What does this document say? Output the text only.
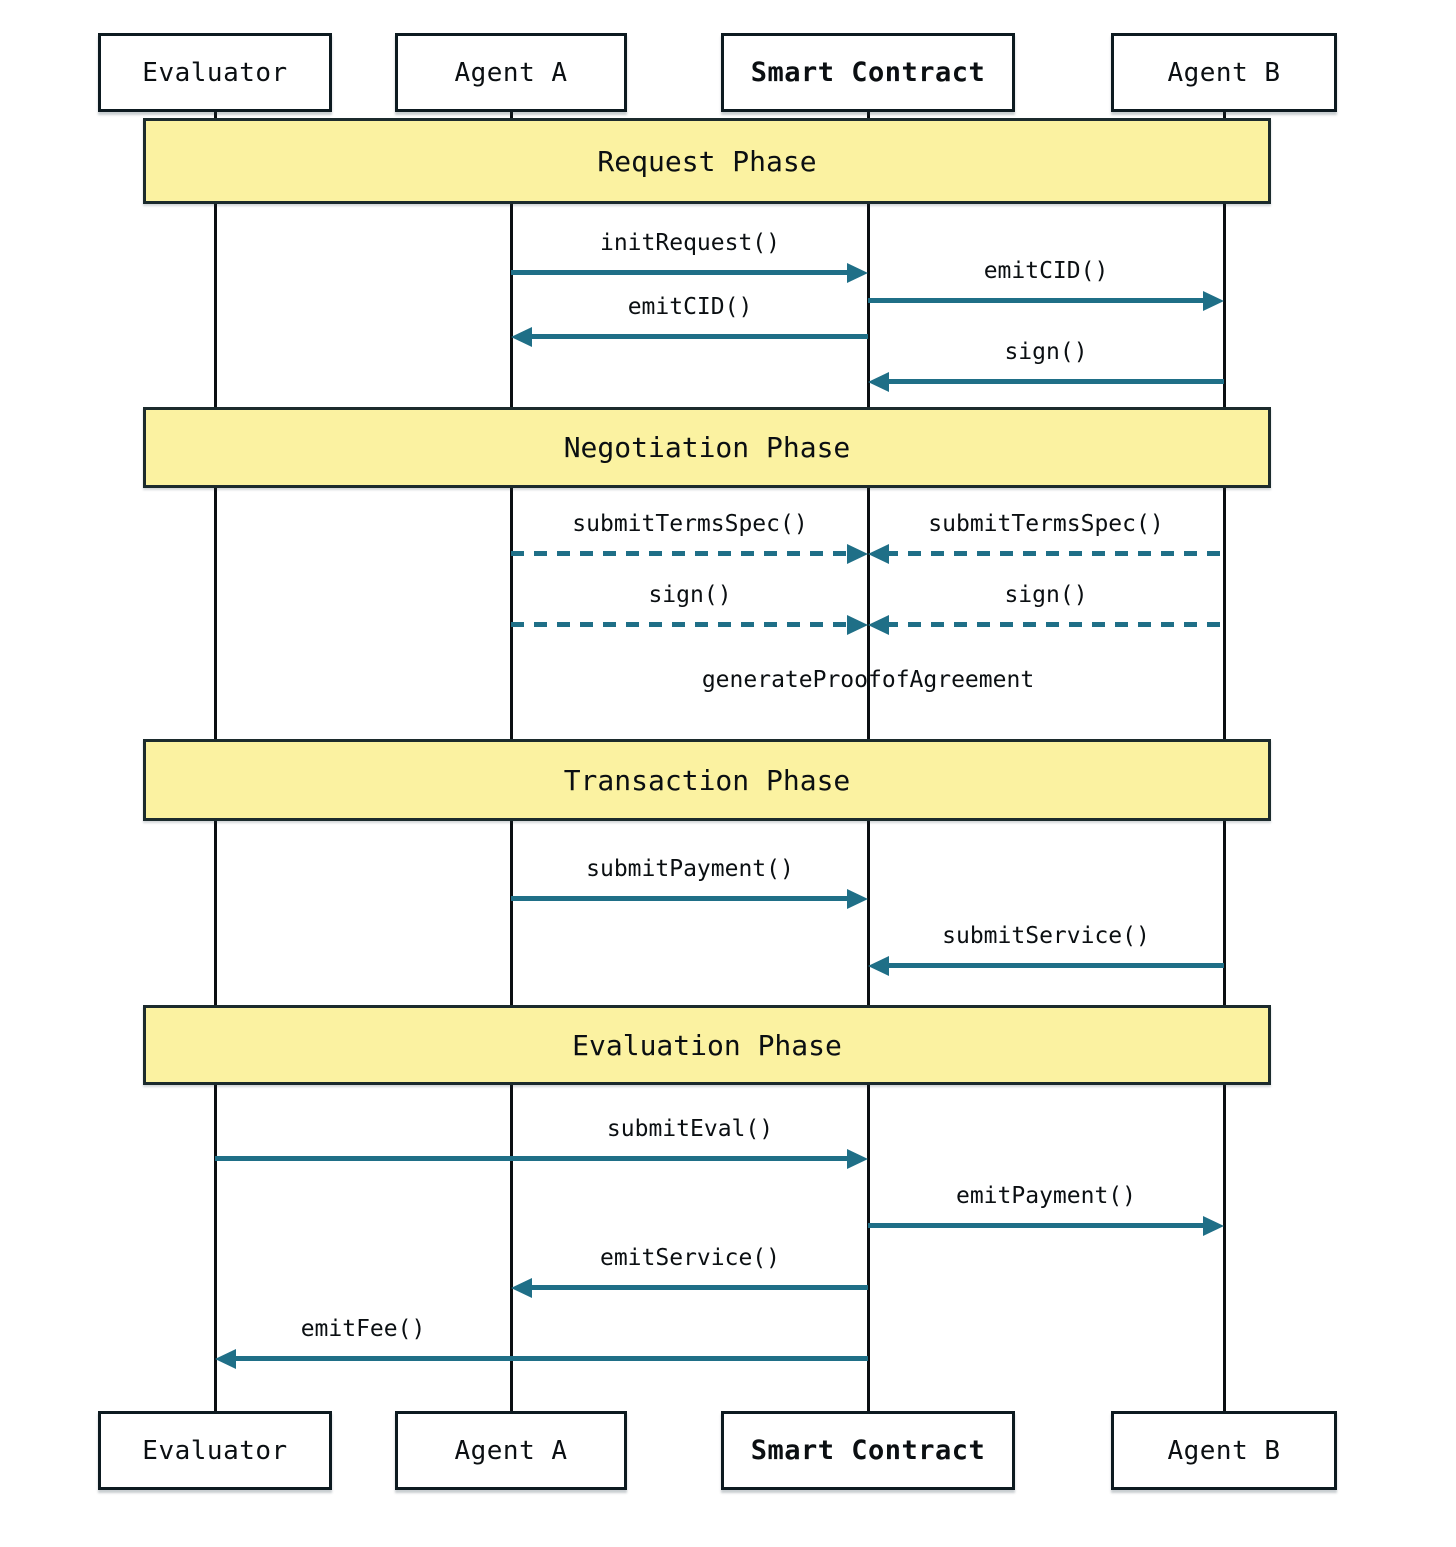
Evaluator	Agent A	Smart Contract	Agent B
Evaluator	Agent A	Smart Contract	Agent B
Request Phase
Negotiation Phase
Transaction Phase
Evaluation Phase
initRequest()
emitCID()
emitCID()
sign()
submitTermsSpec()	submitTermsSpec()
sign()	sign()
generateProofofAgreement
submitPayment()
submitService()
submitEval()
emitPayment()
emitService()
emitFee()
